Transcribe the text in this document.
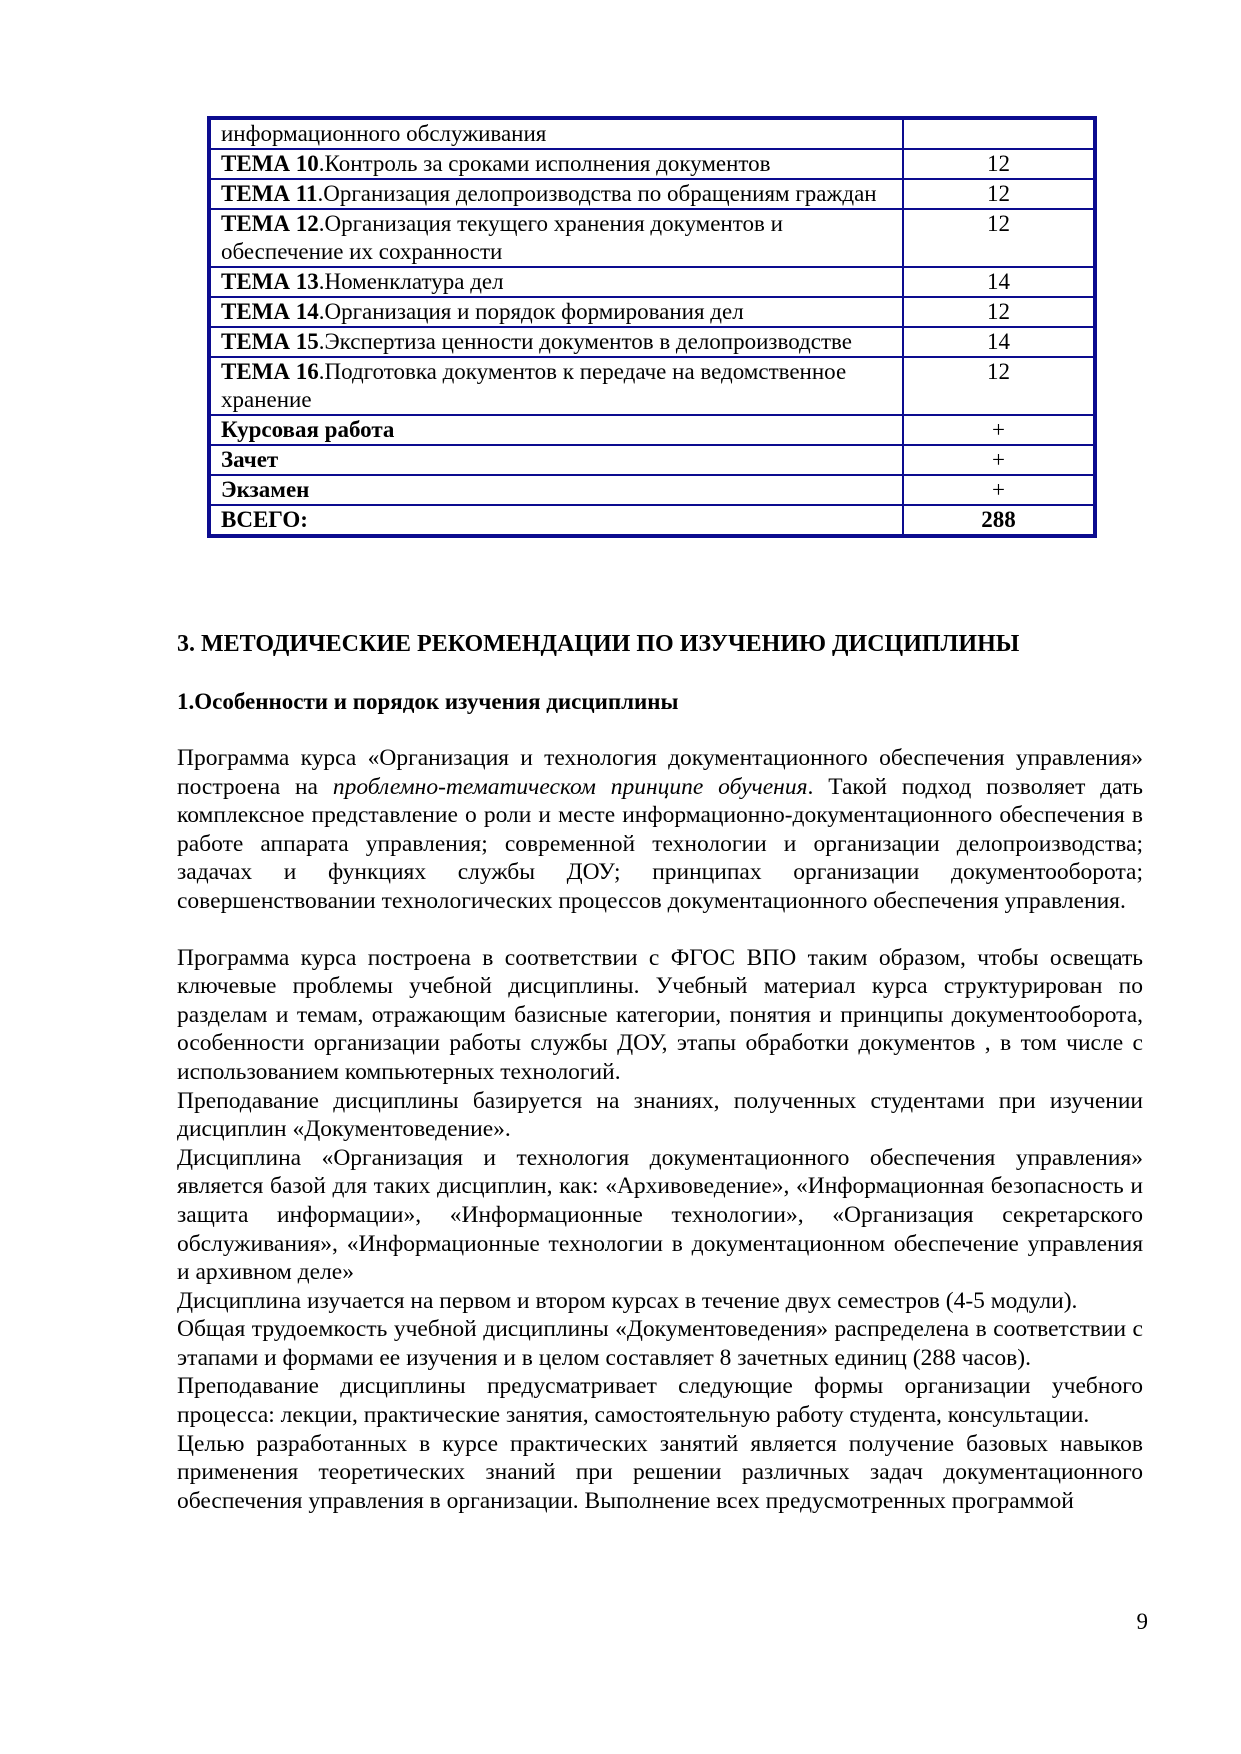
информационного обслуживания	
ТЕМА 10.Контроль за сроками исполнения документов	12
ТЕМА 11.Организация делопроизводства по обращениям граждан	12
ТЕМА 12.Организация текущего хранения документов и обеспечение их сохранности	12
ТЕМА 13.Номенклатура дел	14
ТЕМА 14.Организация и порядок формирования дел	12
ТЕМА 15.Экспертиза ценности документов в делопроизводстве	14
ТЕМА 16.Подготовка документов к передаче на ведомственное хранение	12
Курсовая работа	+
Зачет	+
Экзамен	+
ВСЕГО:	288
3. МЕТОДИЧЕСКИЕ РЕКОМЕНДАЦИИ ПО ИЗУЧЕНИЮ ДИСЦИПЛИНЫ
1.Особенности и порядок изучения дисциплины

Программа курса «Организация и технология документационного обеспечения управления» построена на проблемно-тематическом принципе обучения. Такой подход позволяет дать комплексное представление о роли и месте информационно-документационного обеспечения в работе аппарата управления; современной технологии и организации делопроизводства; задачах и функциях службы ДОУ; принципах организации документооборота; совершенствовании технологических процессов документационного обеспечения управления.

Программа курса построена в соответствии с ФГОС ВПО таким образом, чтобы освещать ключевые проблемы учебной дисциплины. Учебный материал курса структурирован по разделам и темам, отражающим базисные категории, понятия и принципы документооборота, особенности организации работы службы ДОУ, этапы обработки документов , в том числе с использованием компьютерных технологий.

Преподавание дисциплины базируется на знаниях, полученных студентами при изучении дисциплин «Документоведение».

Дисциплина «Организация и технология документационного обеспечения управления» является базой для таких дисциплин, как: «Архивоведение», «Информационная безопасность и защита информации», «Информационные технологии», «Организация секретарского обслуживания», «Информационные технологии в документационном обеспечение управления и архивном деле»

Дисциплина изучается на первом и втором курсах в течение двух семестров (4-5 модули).

Общая трудоемкость учебной дисциплины «Документоведения» распределена в соответствии с этапами и формами ее изучения и в целом составляет 8 зачетных единиц (288 часов).

Преподавание дисциплины предусматривает следующие формы организации учебного процесса: лекции, практические занятия, самостоятельную работу студента, консультации.

Целью разработанных в курсе практических занятий является получение базовых навыков применения теоретических знаний при решении различных задач документационного обеспечения управления в организации. Выполнение всех предусмотренных программой

9
